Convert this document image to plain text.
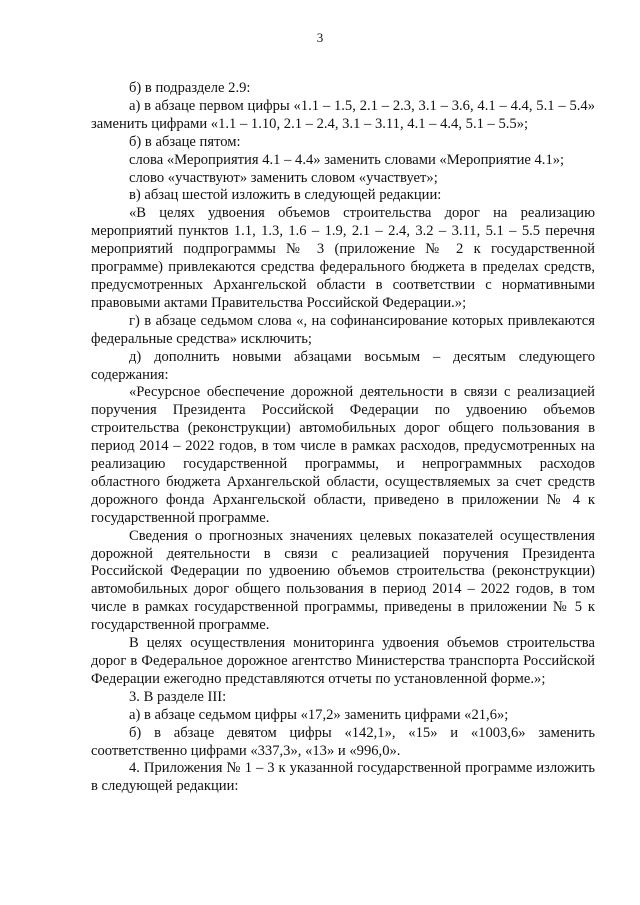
3

б) в подразделе 2.9:

а) в абзаце первом цифры «1.1 – 1.5, 2.1 – 2.3, 3.1 – 3.6, 4.1 – 4.4, 5.1 – 5.4» заменить цифрами «1.1 – 1.10, 2.1 – 2.4, 3.1 – 3.11, 4.1 – 4.4, 5.1 – 5.5»;

б) в абзаце пятом:

слова «Мероприятия 4.1 – 4.4» заменить словами «Мероприятие 4.1»;

слово «участвуют» заменить словом «участвует»;

в) абзац шестой изложить в следующей редакции:

«В целях удвоения объемов строительства дорог на реализацию мероприятий пунктов 1.1, 1.3, 1.6 – 1.9, 2.1 – 2.4, 3.2 – 3.11, 5.1 – 5.5 перечня мероприятий подпрограммы № 3 (приложение № 2 к государственной программе) привлекаются средства федерального бюджета в пределах средств, предусмотренных Архангельской области в соответствии с нормативными правовыми актами Правительства Российской Федерации.»;

г) в абзаце седьмом слова «, на софинансирование которых привлекаются федеральные средства» исключить;

д) дополнить новыми абзацами восьмым – десятым следующего содержания:

«Ресурсное обеспечение дорожной деятельности в связи с реализацией поручения Президента Российской Федерации по удвоению объемов строительства (реконструкции) автомобильных дорог общего пользования в период 2014 – 2022 годов, в том числе в рамках расходов, предусмотренных на реализацию государственной программы, и непрограммных расходов областного бюджета Архангельской области, осуществляемых за счет средств дорожного фонда Архангельской области, приведено в приложении № 4 к государственной программе.

Сведения о прогнозных значениях целевых показателей осуществления дорожной деятельности в связи с реализацией поручения Президента Российской Федерации по удвоению объемов строительства (реконструкции) автомобильных дорог общего пользования в период 2014 – 2022 годов, в том числе в рамках государственной программы, приведены в приложении № 5 к государственной программе.

В целях осуществления мониторинга удвоения объемов строительства дорог в Федеральное дорожное агентство Министерства транспорта Российской Федерации ежегодно представляются отчеты по установленной форме.»;

3. В разделе III:

а) в абзаце седьмом цифры «17,2» заменить цифрами «21,6»;

б) в абзаце девятом цифры «142,1», «15» и «1003,6» заменить соответственно цифрами «337,3», «13» и «996,0».

4. Приложения № 1 – 3 к указанной государственной программе изложить в следующей редакции:
